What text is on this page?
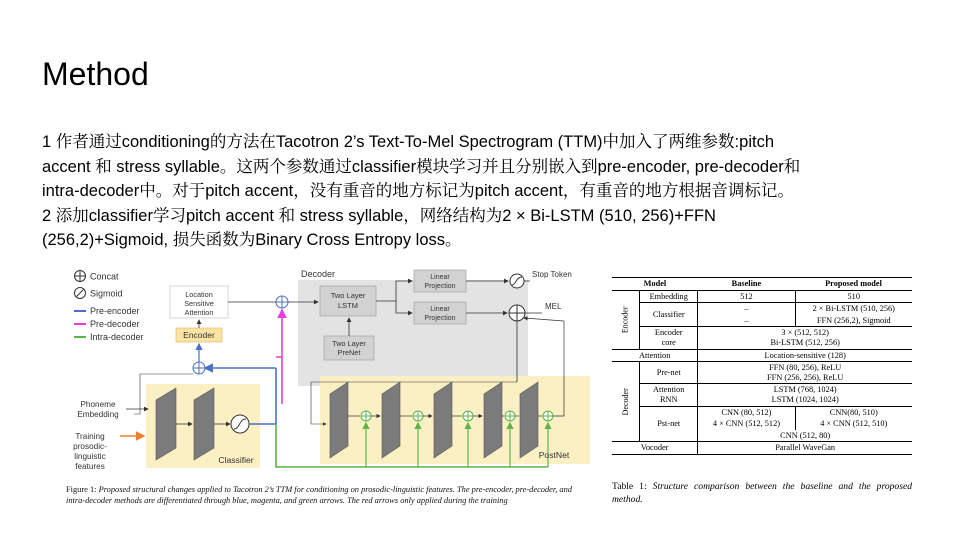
Method
1 作者通过conditioning的方法在Tacotron 2’s Text-To-Mel Spectrogram (TTM)中加入了两维参数:pitch
accent 和 stress syllable。这两个参数通过classifier模块学习并且分别嵌入到pre-encoder, pre-decoder和
intra-decoder中。对于pitch accent，没有重音的地方标记为pitch accent，有重音的地方根据音调标记。
2 添加classifier学习pitch accent 和 stress syllable，网络结构为2 × Bi-LSTM (510, 256)+FFN
(256,2)+Sigmoid, 损失函数为Binary Cross Entropy loss。
Concat
Sigmoid
Pre-encoder
Pre-decoder
Intra-decoder
Decoder
Location
Sensitive
Attention
Encoder
Two Layer
LSTM
Two Layer
PreNet
Linear
Projection
Linear
Projection
Stop Token
MEL
Phoneme
Embedding
Training
prosodic-
linguistic
features
Classifier	PostNet
Figure 1: Proposed structural changes applied to Tacotron 2’s TTM for conditioning on prosodic-linguistic features. The pre-encoder, pre-decoder, and intra-decoder methods are differentiated through blue, magenta, and green arrows. The red arrows only applied during the training
Model		Baseline	Proposed model
Encoder	Embedding	512	510
	Classifier	–	2 × Bi-LSTM (510, 256)
		–	FFN (256,2), Sigmoid
	Encoder
core	3 × (512, 512)
Bi-LSTM (512, 256)	
Attention		Location-sensitive (128)	
Decoder	Pre-net	FFN (80, 256), ReLU
FFN (256, 256), ReLU	
	Attention
RNN	LSTM (768, 1024)
LSTM (1024, 1024)	
	Pst-net	CNN (80, 512)	CNN(80, 510)
		4 × CNN (512, 512)	4 × CNN (512, 510)
		CNN (512, 80)	
Vocoder		Parallel WaveGan	
Table 1: Structure comparison between the baseline and the proposed method.
